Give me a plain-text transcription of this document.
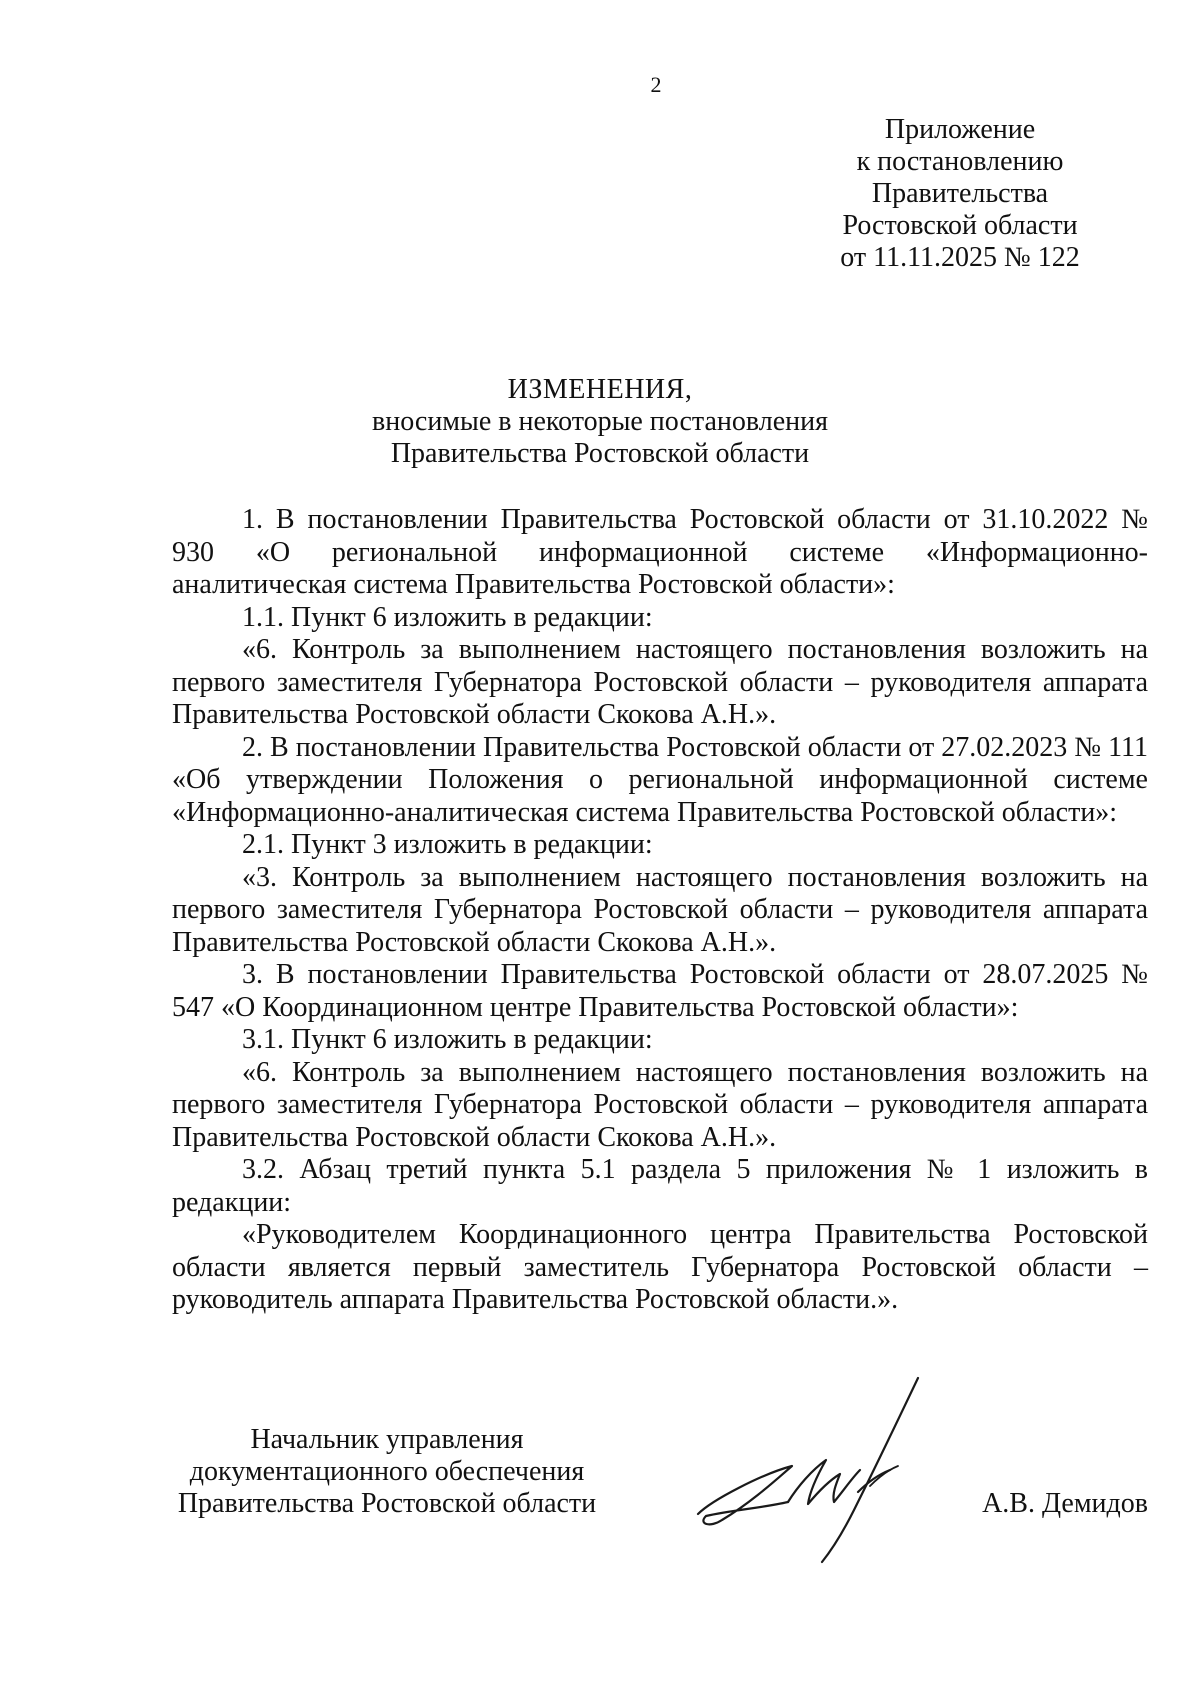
2
Приложение
к постановлению
Правительства
Ростовской области
от 11.11.2025 № 122
ИЗМЕНЕНИЯ,
вносимые в некоторые постановления
Правительства Ростовской области

1. В постановлении Правительства Ростовской области от 31.10.2022 № 930 «О региональной информационной системе «Информационно-аналитическая система Правительства Ростовской области»:

1.1. Пункт 6 изложить в редакции:

«6. Контроль за выполнением настоящего постановления возложить на первого заместителя Губернатора Ростовской области – руководителя аппарата Правительства Ростовской области Скокова А.Н.».

2. В постановлении Правительства Ростовской области от 27.02.2023 № 111 «Об утверждении Положения о региональной информационной системе «Информационно-аналитическая система Правительства Ростовской области»:

2.1. Пункт 3 изложить в редакции:

«3. Контроль за выполнением настоящего постановления возложить на первого заместителя Губернатора Ростовской области – руководителя аппарата Правительства Ростовской области Скокова А.Н.».

3. В постановлении Правительства Ростовской области от 28.07.2025 № 547 «О Координационном центре Правительства Ростовской области»:

3.1. Пункт 6 изложить в редакции:

«6. Контроль за выполнением настоящего постановления возложить на первого заместителя Губернатора Ростовской области – руководителя аппарата Правительства Ростовской области Скокова А.Н.».

3.2. Абзац третий пункта 5.1 раздела 5 приложения № 1 изложить в редакции:

«Руководителем Координационного центра Правительства Ростовской области является первый заместитель Губернатора Ростовской области – руководитель аппарата Правительства Ростовской области.».

Начальник управления
документационного обеспечения
Правительства Ростовской области	А.В. Демидов
